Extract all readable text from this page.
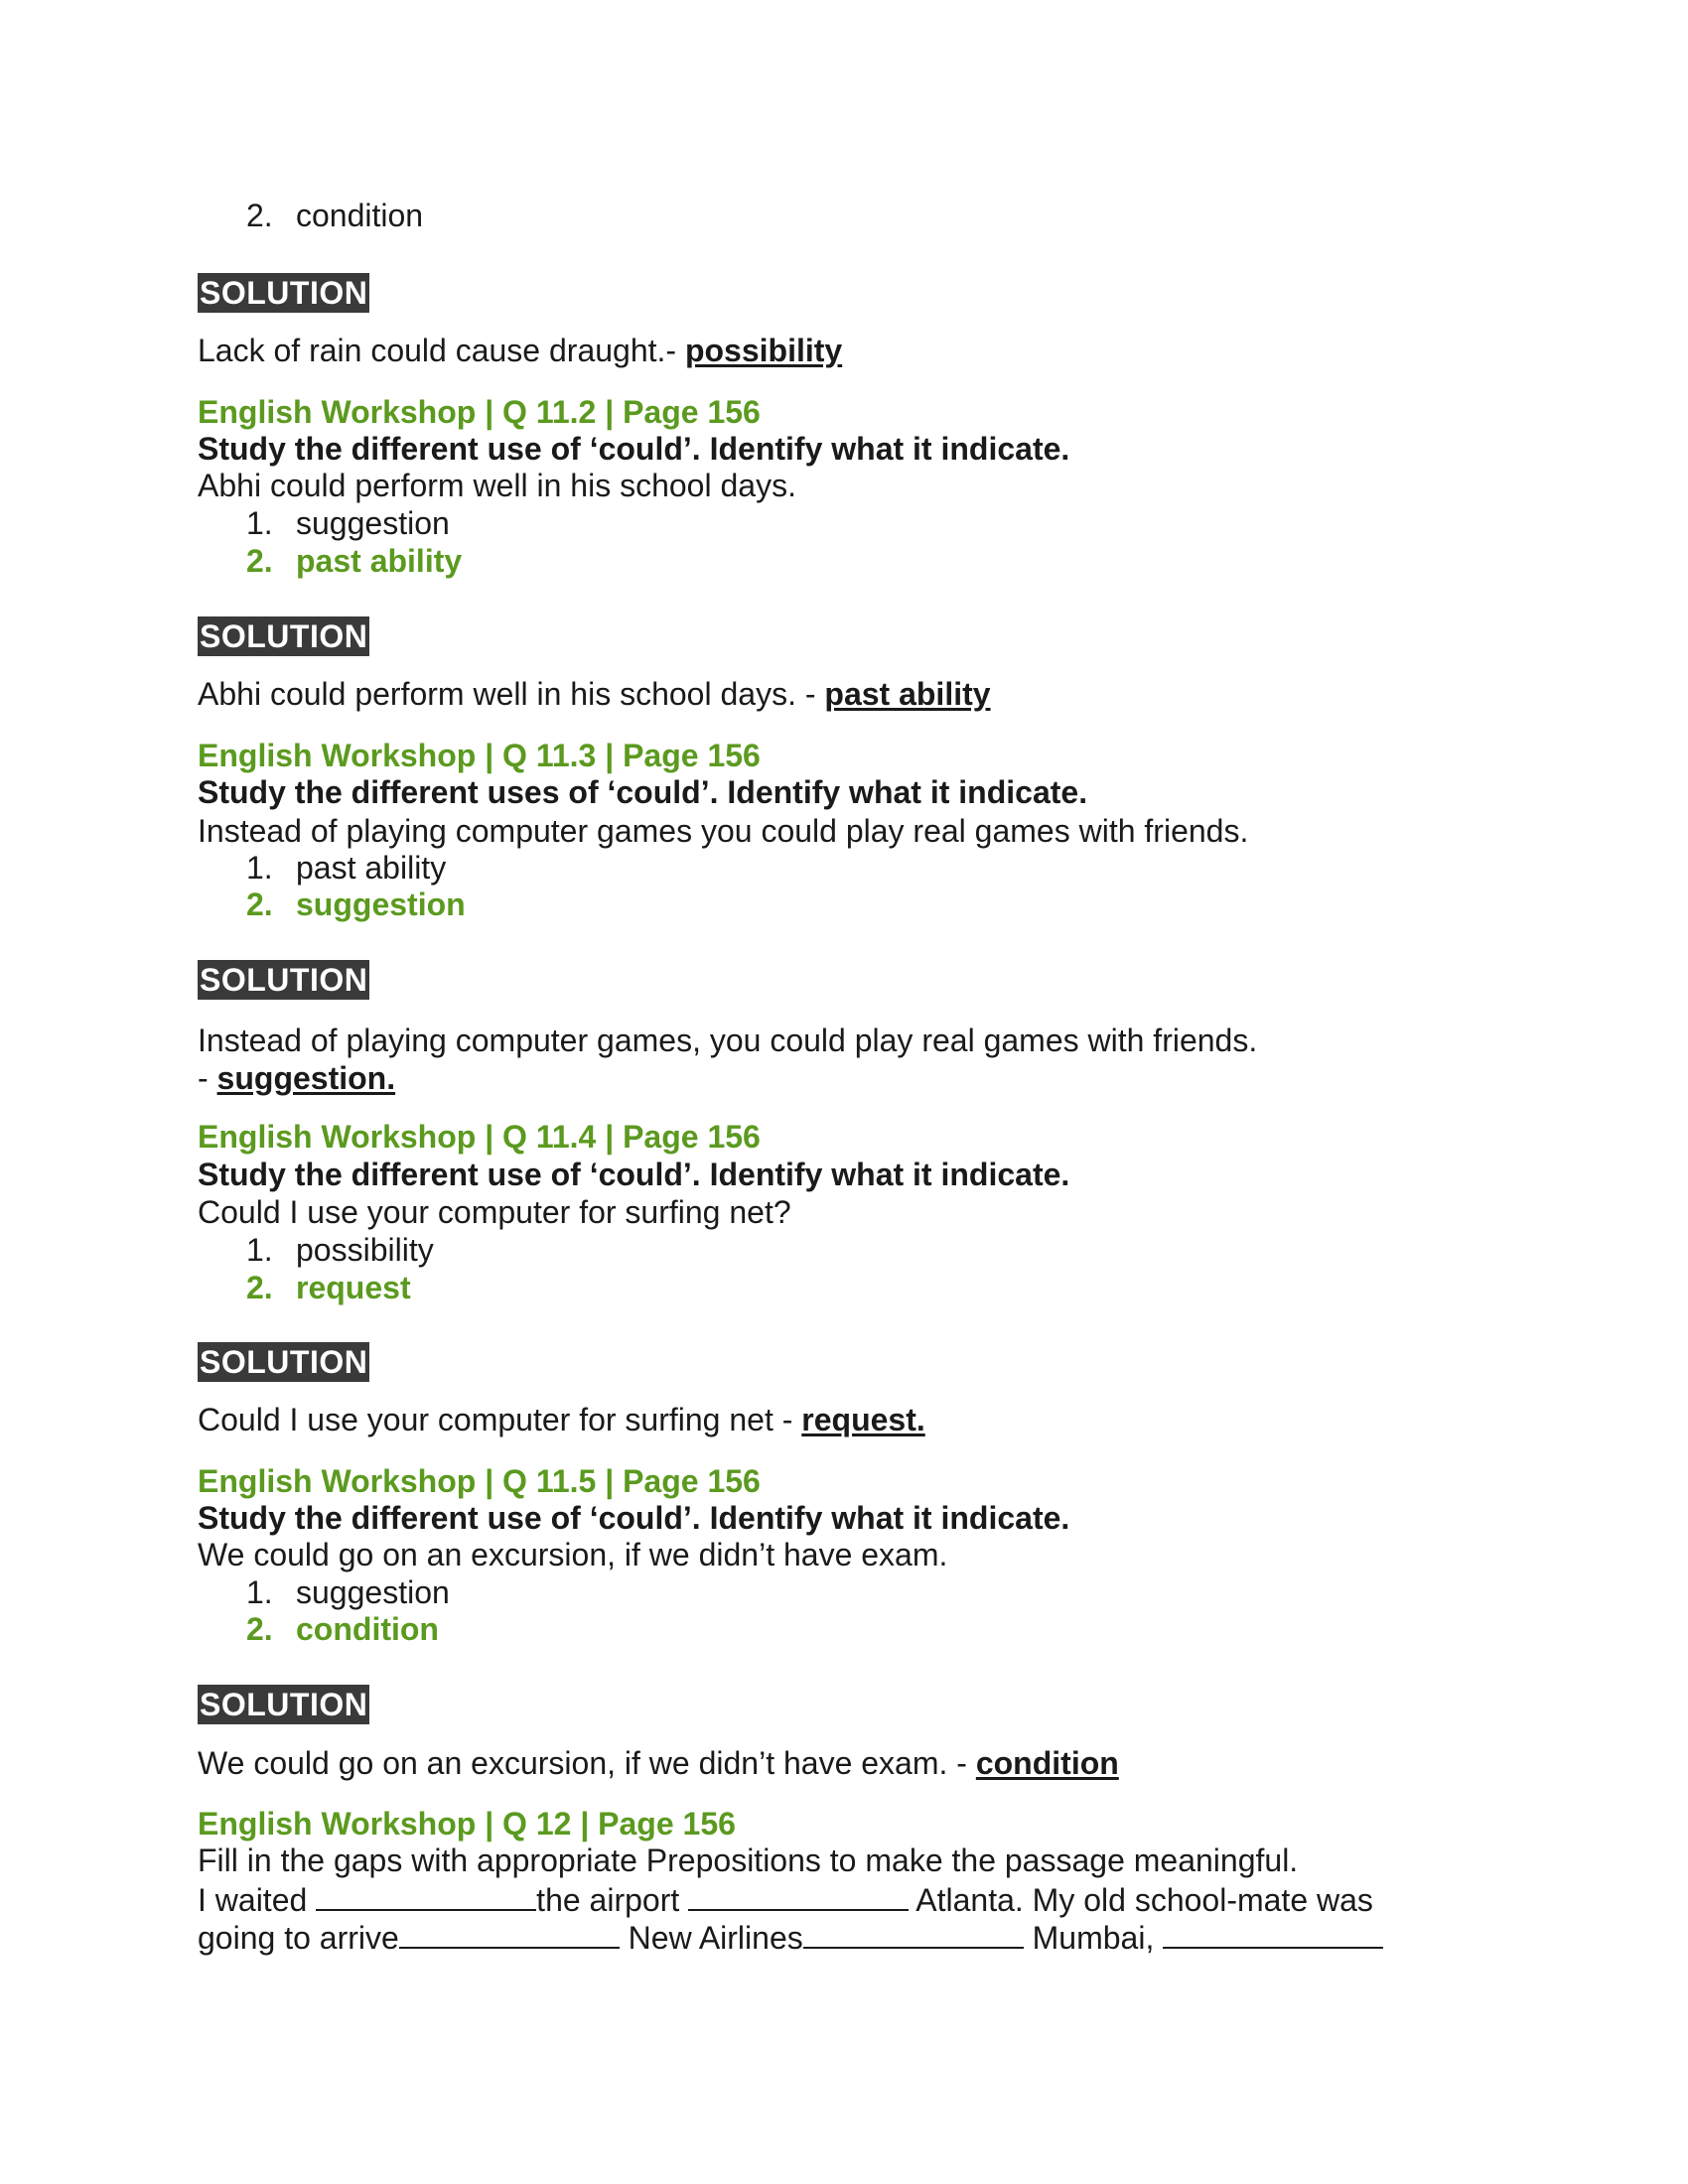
2. condition
SOLUTION
Lack of rain could cause draught.- possibility
English Workshop | Q 11.2 | Page 156
Study the different use of ‘could’. Identify what it indicate.
Abhi could perform well in his school days.
1. suggestion
2. past ability
SOLUTION
Abhi could perform well in his school days. - past ability
English Workshop | Q 11.3 | Page 156
Study the different uses of ‘could’. Identify what it indicate.
Instead of playing computer games you could play real games with friends.
1. past ability
2. suggestion
SOLUTION
Instead of playing computer games, you could play real games with friends.
- suggestion.
English Workshop | Q 11.4 | Page 156
Study the different use of ‘could’. Identify what it indicate.
Could I use your computer for surfing net?
1. possibility
2. request
SOLUTION
Could I use your computer for surfing net - request.
English Workshop | Q 11.5 | Page 156
Study the different use of ‘could’. Identify what it indicate.
We could go on an excursion, if we didn’t have exam.
1. suggestion
2. condition
SOLUTION
We could go on an excursion, if we didn’t have exam. - condition
English Workshop | Q 12 | Page 156
Fill in the gaps with appropriate Prepositions to make the passage meaningful.
I waited	the airport	Atlanta. My old school-mate was
going to arrive	New Airlines	Mumbai,
